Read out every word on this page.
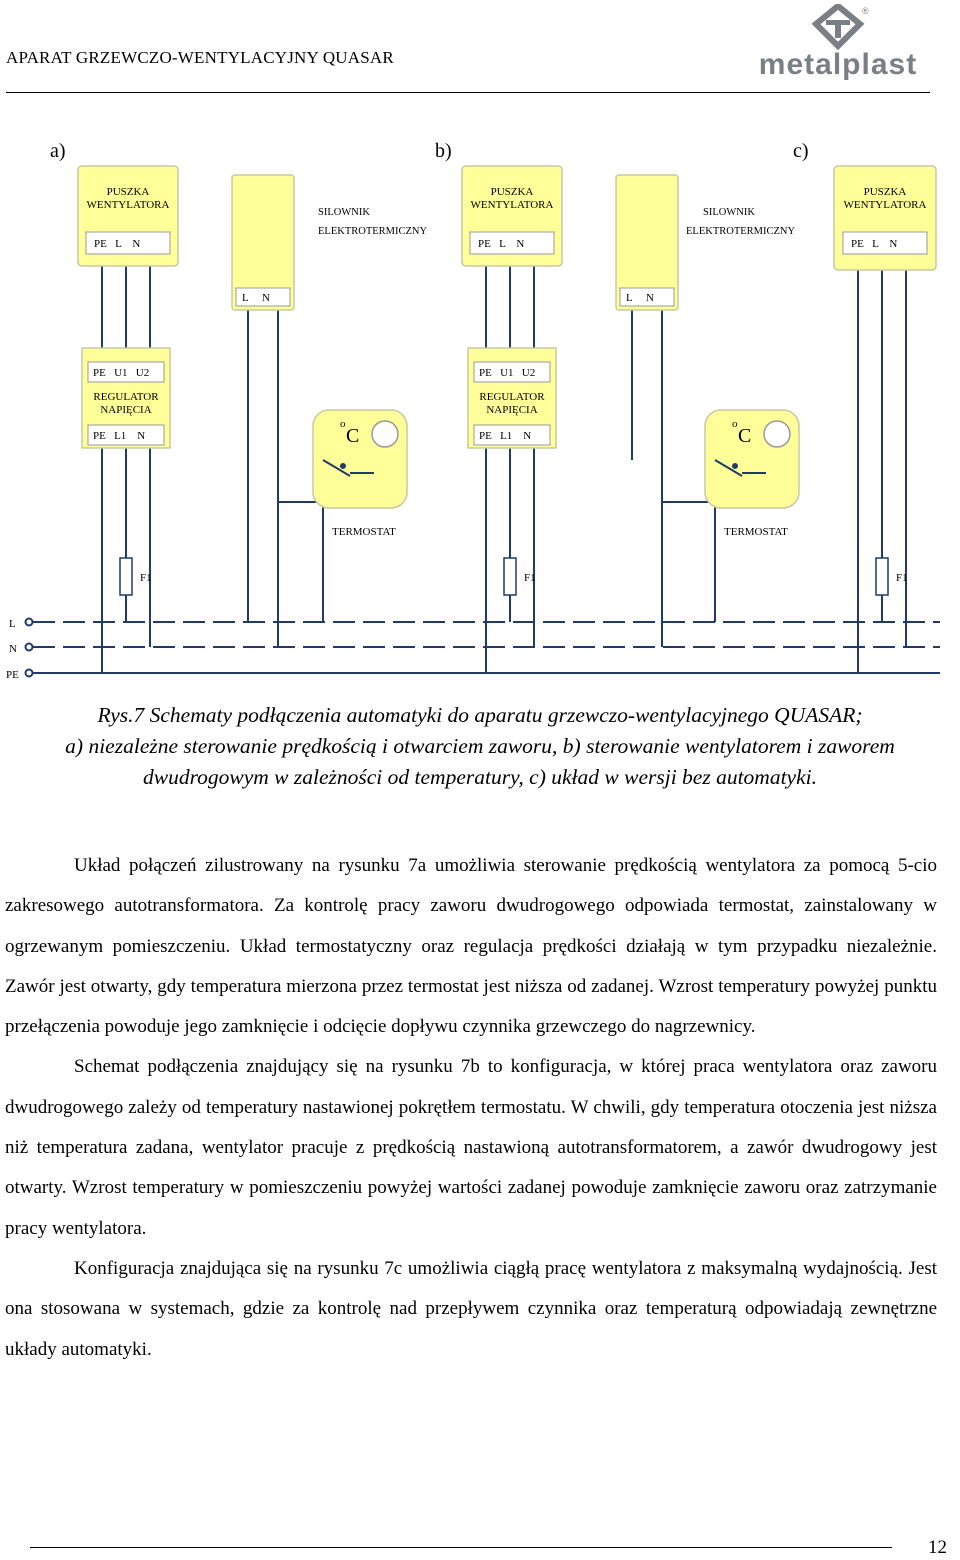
APARAT GRZEWCZO-WENTYLACYJNY QUASAR
®
metalplast
a)	b)	c)
L
N
PE
PUSZKA
WENTYLATORA
PE   L    N
L     N
SILOWNIK
ELEKTROTERMICZNY
PE   U1   U2
REGULATOR
NAPIĘCIA
PE   L1    N
o
C
TERMOSTAT
F1
PUSZKA
WENTYLATORA
PE   L    N
L     N
SILOWNIK
ELEKTROTERMICZNY
PE   U1   U2
REGULATOR
NAPIĘCIA
PE   L1    N
o
C
TERMOSTAT
F1
PUSZKA
WENTYLATORA
PE   L    N
F1

Rys.7 Schematy podłączenia automatyki do aparatu grzewczo-wentylacyjnego QUASAR;

a) niezależne sterowanie prędkością i otwarciem zaworu, b) sterowanie wentylatorem i zaworem

dwudrogowym w zależności od temperatury, c) układ w wersji bez automatyki.

Układ połączeń zilustrowany na rysunku 7a umożliwia sterowanie prędkością wentylatora za pomocą 5-cio zakresowego autotransformatora. Za kontrolę pracy zaworu dwudrogowego odpowiada termostat, zainstalowany w ogrzewanym pomieszczeniu. Układ termostatyczny oraz regulacja prędkości działają w tym przypadku niezależnie. Zawór jest otwarty, gdy temperatura mierzona przez termostat jest niższa od zadanej. Wzrost temperatury powyżej punktu przełączenia powoduje jego zamknięcie i odcięcie dopływu czynnika grzewczego do nagrzewnicy.

Schemat podłączenia znajdujący się na rysunku 7b to konfiguracja, w której praca wentylatora oraz zaworu dwudrogowego zależy od temperatury nastawionej pokrętłem termostatu. W chwili, gdy temperatura otoczenia jest niższa niż temperatura zadana, wentylator pracuje z prędkością nastawioną autotransformatorem, a zawór dwudrogowy jest otwarty. Wzrost temperatury w pomieszczeniu powyżej wartości zadanej powoduje zamknięcie zaworu oraz zatrzymanie pracy wentylatora.

Konfiguracja znajdująca się na rysunku 7c umożliwia ciągłą pracę wentylatora z maksymalną wydajnością. Jest ona stosowana w systemach, gdzie za kontrolę nad przepływem czynnika oraz temperaturą odpowiadają zewnętrzne układy automatyki.

12
